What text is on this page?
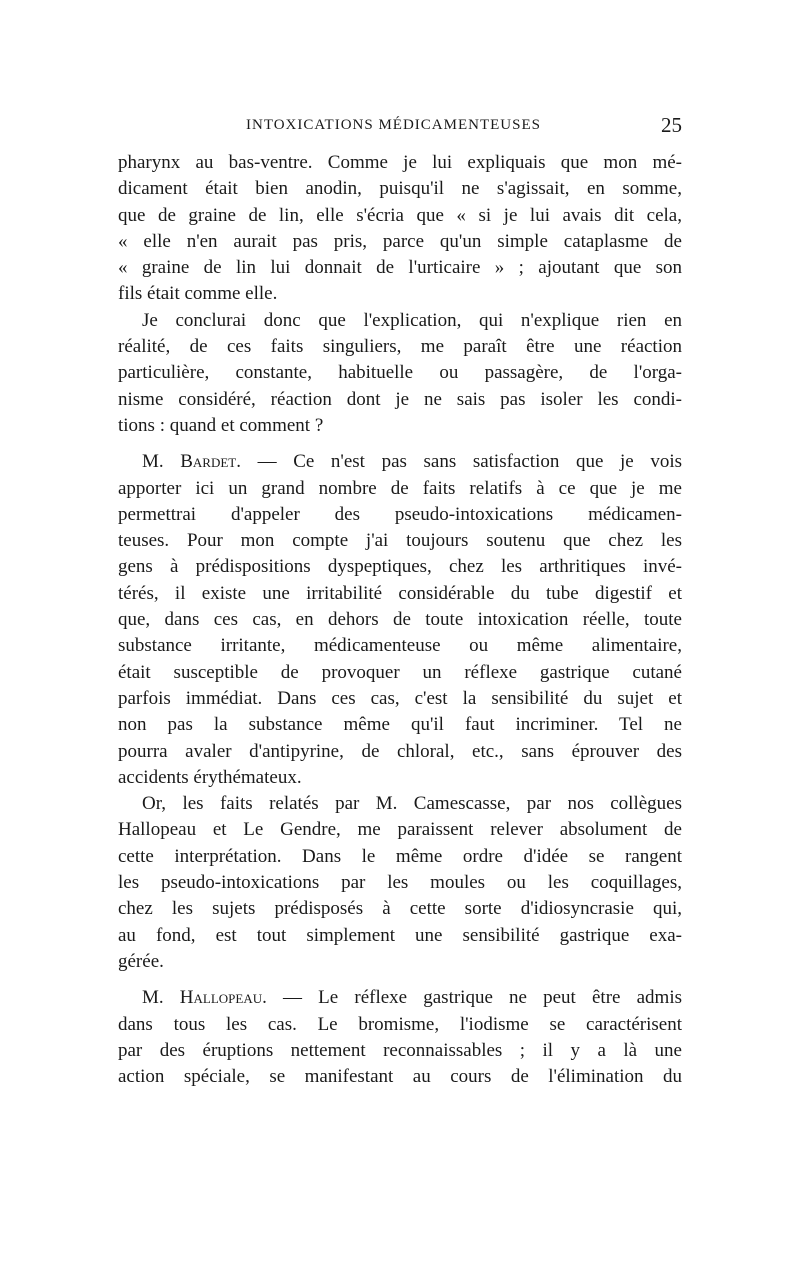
INTOXICATIONS MÉDICAMENTEUSES	25
pharynx au bas-ventre. Comme je lui expliquais que mon mé-
dicament était bien anodin, puisqu'il ne s'agissait, en somme,
que de graine de lin, elle s'écria que « si je lui avais dit cela,
« elle n'en aurait pas pris, parce qu'un simple cataplasme de
« graine de lin lui donnait de l'urticaire » ; ajoutant que son
fils était comme elle.
Je conclurai donc que l'explication, qui n'explique rien en
réalité, de ces faits singuliers, me paraît être une réaction
particulière, constante, habituelle ou passagère, de l'orga-
nisme considéré, réaction dont je ne sais pas isoler les condi-
tions : quand et comment ?
M. Bardet. — Ce n'est pas sans satisfaction que je vois
apporter ici un grand nombre de faits relatifs à ce que je me
permettrai d'appeler des pseudo-intoxications médicamen-
teuses. Pour mon compte j'ai toujours soutenu que chez les
gens à prédispositions dyspeptiques, chez les arthritiques invé-
térés, il existe une irritabilité considérable du tube digestif et
que, dans ces cas, en dehors de toute intoxication réelle, toute
substance irritante, médicamenteuse ou même alimentaire,
était susceptible de provoquer un réflexe gastrique cutané
parfois immédiat. Dans ces cas, c'est la sensibilité du sujet et
non pas la substance même qu'il faut incriminer. Tel ne
pourra avaler d'antipyrine, de chloral, etc., sans éprouver des
accidents érythémateux.
Or, les faits relatés par M. Camescasse, par nos collègues
Hallopeau et Le Gendre, me paraissent relever absolument de
cette interprétation. Dans le même ordre d'idée se rangent
les pseudo-intoxications par les moules ou les coquillages,
chez les sujets prédisposés à cette sorte d'idiosyncrasie qui,
au fond, est tout simplement une sensibilité gastrique exa-
gérée.
M. Hallopeau. — Le réflexe gastrique ne peut être admis
dans tous les cas. Le bromisme, l'iodisme se caractérisent
par des éruptions nettement reconnaissables ; il y a là une
action spéciale, se manifestant au cours de l'élimination du
